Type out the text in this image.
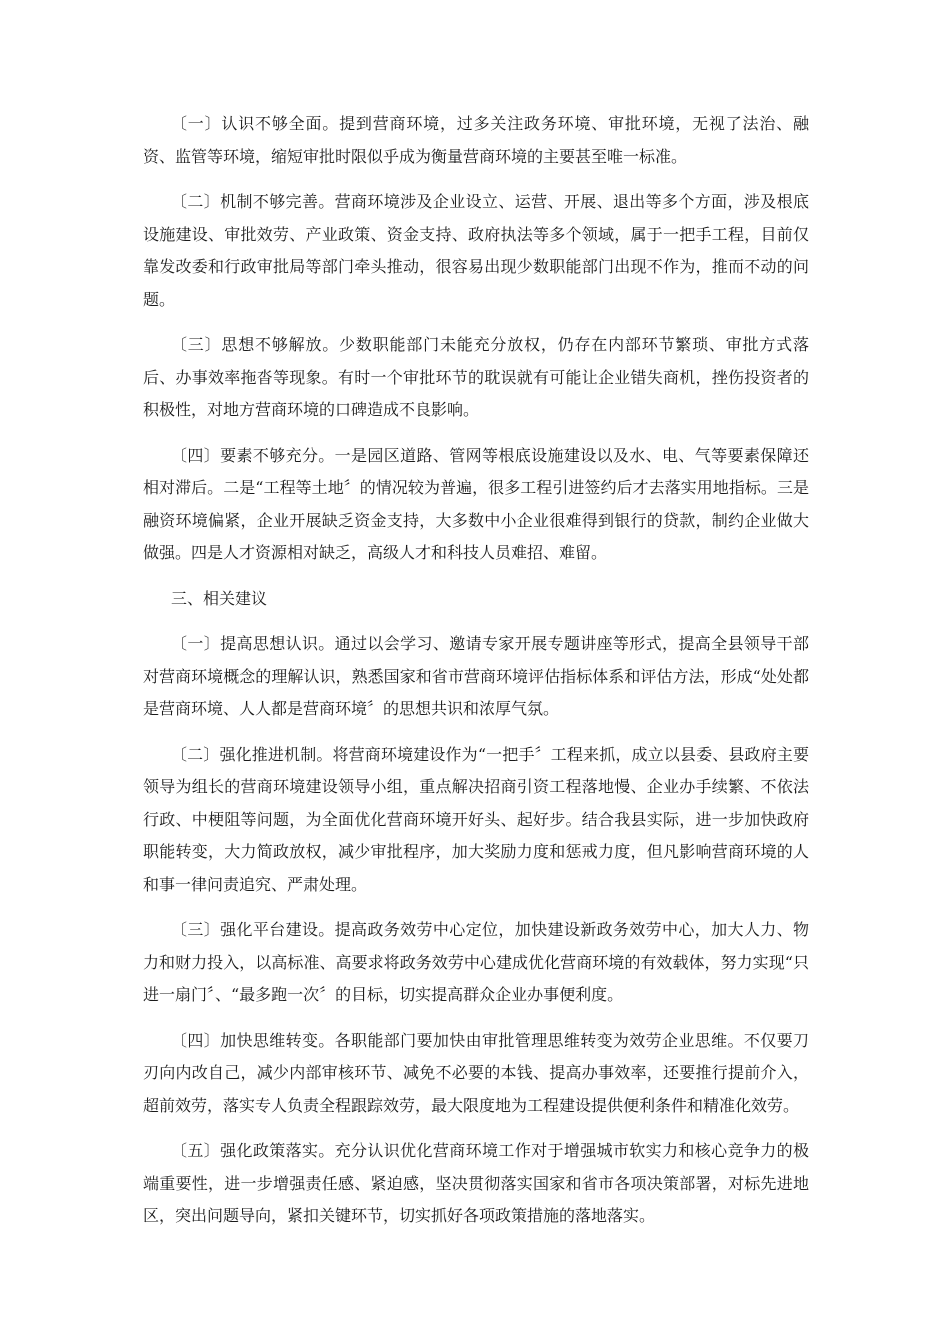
〔一〕认识不够全面。提到营商环境，过多关注政务环境、审批环境，无视了法治、融资、监管等环境，缩短审批时限似乎成为衡量营商环境的主要甚至唯一标准。

〔二〕机制不够完善。营商环境涉及企业设立、运营、开展、退出等多个方面，涉及根底设施建设、审批效劳、产业政策、资金支持、政府执法等多个领域，属于一把手工程，目前仅靠发改委和行政审批局等部门牵头推动，很容易出现少数职能部门出现不作为，推而不动的问题。

〔三〕思想不够解放。少数职能部门未能充分放权，仍存在内部环节繁琐、审批方式落后、办事效率拖沓等现象。有时一个审批环节的耽误就有可能让企业错失商机，挫伤投资者的积极性，对地方营商环境的口碑造成不良影响。

〔四〕要素不够充分。一是园区道路、管网等根底设施建设以及水、电、气等要素保障还相对滞后。二是“工程等土地〞的情况较为普遍，很多工程引进签约后才去落实用地指标。三是融资环境偏紧，企业开展缺乏资金支持，大多数中小企业很难得到银行的贷款，制约企业做大做强。四是人才资源相对缺乏，高级人才和科技人员难招、难留。

三、相关建议

〔一〕提高思想认识。通过以会学习、邀请专家开展专题讲座等形式，提高全县领导干部对营商环境概念的理解认识，熟悉国家和省市营商环境评估指标体系和评估方法，形成“处处都是营商环境、人人都是营商环境〞的思想共识和浓厚气氛。

〔二〕强化推进机制。将营商环境建设作为“一把手〞工程来抓，成立以县委、县政府主要领导为组长的营商环境建设领导小组，重点解决招商引资工程落地慢、企业办手续繁、不依法行政、中梗阻等问题，为全面优化营商环境开好头、起好步。结合我县实际，进一步加快政府职能转变，大力简政放权，减少审批程序，加大奖励力度和惩戒力度，但凡影响营商环境的人和事一律问责追究、严肃处理。

〔三〕强化平台建设。提高政务效劳中心定位，加快建设新政务效劳中心，加大人力、物力和财力投入，以高标准、高要求将政务效劳中心建成优化营商环境的有效载体，努力实现“只进一扇门〞、“最多跑一次〞的目标，切实提高群众企业办事便利度。

〔四〕加快思维转变。各职能部门要加快由审批管理思维转变为效劳企业思维。不仅要刀刃向内改自己，减少内部审核环节、减免不必要的本钱、提高办事效率，还要推行提前介入，超前效劳，落实专人负责全程跟踪效劳，最大限度地为工程建设提供便利条件和精准化效劳。

〔五〕强化政策落实。充分认识优化营商环境工作对于增强城市软实力和核心竞争力的极端重要性，进一步增强责任感、紧迫感，坚决贯彻落实国家和省市各项决策部署，对标先进地区，突出问题导向，紧扣关键环节，切实抓好各项政策措施的落地落实。
